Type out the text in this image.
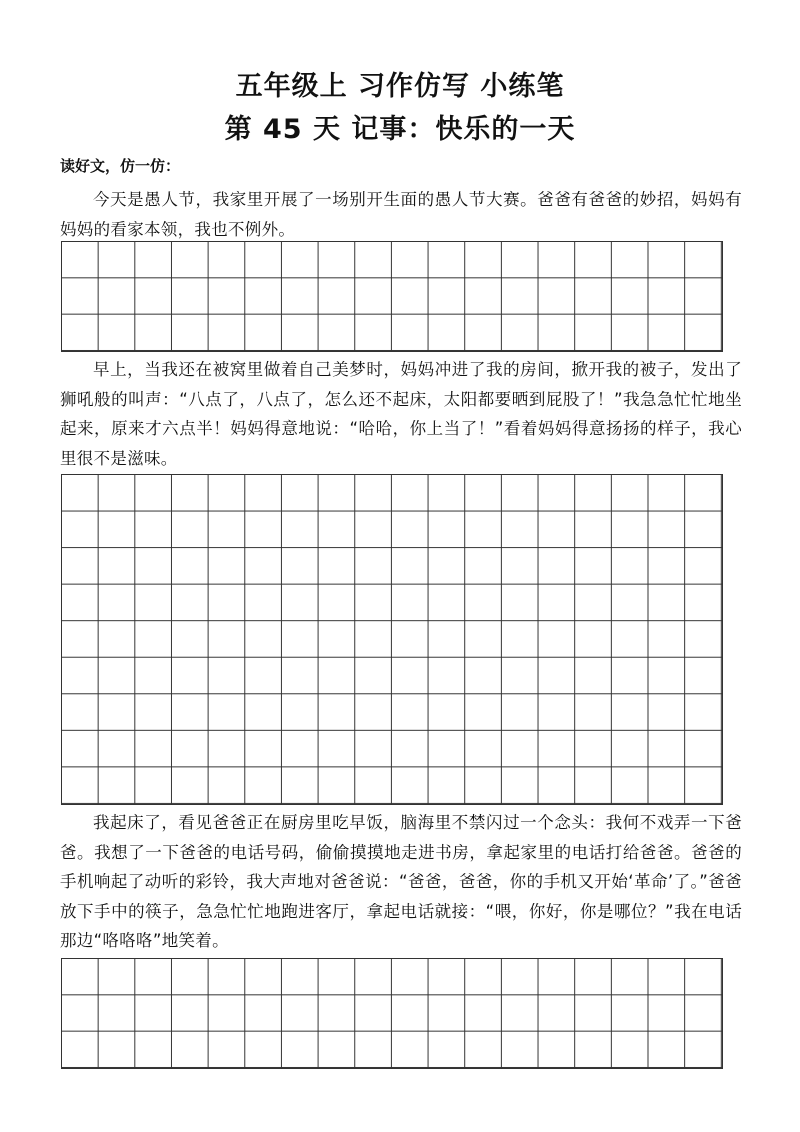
五年级上 习作仿写 小练笔
第 45 天 记事：快乐的一天
读好文，仿一仿：

今天是愚人节，我家里开展了一场别开生面的愚人节大赛。爸爸有爸爸的妙招，妈妈有妈妈的看家本领，我也不例外。

早上，当我还在被窝里做着自己美梦时，妈妈冲进了我的房间，掀开我的被子，发出了狮吼般的叫声：“八点了，八点了，怎么还不起床，太阳都要晒到屁股了！”我急急忙忙地坐起来，原来才六点半！妈妈得意地说：“哈哈，你上当了！”看着妈妈得意扬扬的样子，我心里很不是滋味。

我起床了，看见爸爸正在厨房里吃早饭，脑海里不禁闪过一个念头：我何不戏弄一下爸爸。我想了一下爸爸的电话号码，偷偷摸摸地走进书房，拿起家里的电话打给爸爸。爸爸的手机响起了动听的彩铃，我大声地对爸爸说：“爸爸，爸爸，你的手机又开始‘革命’了。”爸爸放下手中的筷子，急急忙忙地跑进客厅，拿起电话就接：“喂，你好，你是哪位？”我在电话那边“咯咯咯”地笑着。
